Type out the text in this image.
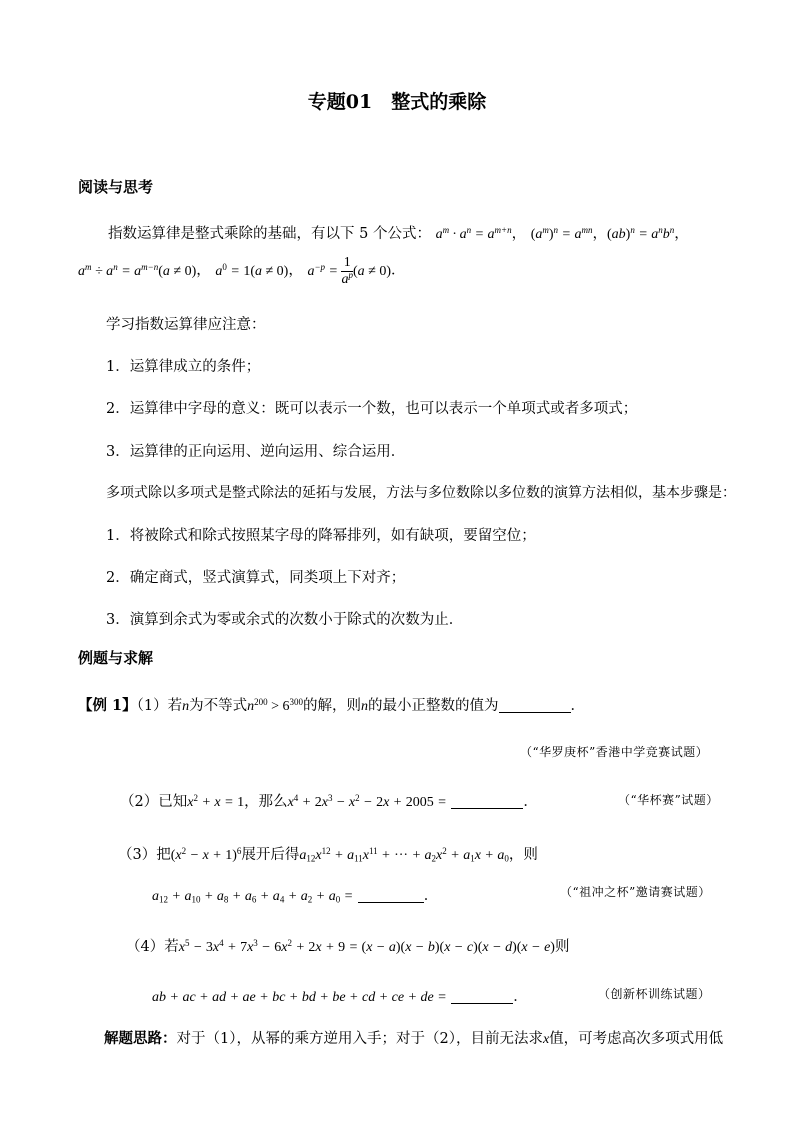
专题01　整式的乘除
阅读与思考
指数运算律是整式乘除的基础，有以下 5 个公式： $a^m \cdot a^n = a^{m+n}$， $(a^m)^n = a^{mn}$，$(ab)^n = a^nb^n$，
$a^m \div a^n = a^{m-n}(a \ne 0)$， $a^0 = 1(a \ne 0)$， $a^{-p} = \frac{1}{a^p} (a \ne 0)$．
学习指数运算律应注意：
1．运算律成立的条件；
2．运算律中字母的意义：既可以表示一个数，也可以表示一个单项式或者多项式；
3．运算律的正向运用、逆向运用、综合运用．
多项式除以多项式是整式除法的延拓与发展，方法与多位数除以多位数的演算方法相似，基本步骤是：
1．将被除式和除式按照某字母的降幂排列，如有缺项，要留空位；
2．确定商式，竖式演算式，同类项上下对齐；
3．演算到余式为零或余式的次数小于除式的次数为止．
例题与求解
【例 1】（1）若n为不等式$n^{200} > 6^{300}$的解，则n的最小正整数的值为	．
（“华罗庚杯”香港中学竞赛试题）
（2）已知$x^2 + x = 1$，那么$x^4 + 2x^3 - x^2 - 2x + 2005$ =	．	（“华杯赛”试题）
（3）把$(x^2 - x + 1)^6$展开后得$a_{12}x^{12} + a_{11}x^{11}$ + ··· + $a_2x^2 + a_1x + a_0$，则
$a_{12} + a_{10} + a_8 + a_6 + a_4 + a_2 + a_0$ =	．	（“祖冲之杯”邀请赛试题）
（4）若$x^5 - 3x^4 + 7x^3 - 6x^2 + 2x + 9 = (x - a)(x - b)(x - c)(x - d)(x - e)$则
ab + ac + ad + ae + bc + bd + be + cd + ce + de =	．	（创新杯训练试题）
解题思路：对于（1），从幂的乘方逆用入手；对于（2），目前无法求x值，可考虑高次多项式用低
